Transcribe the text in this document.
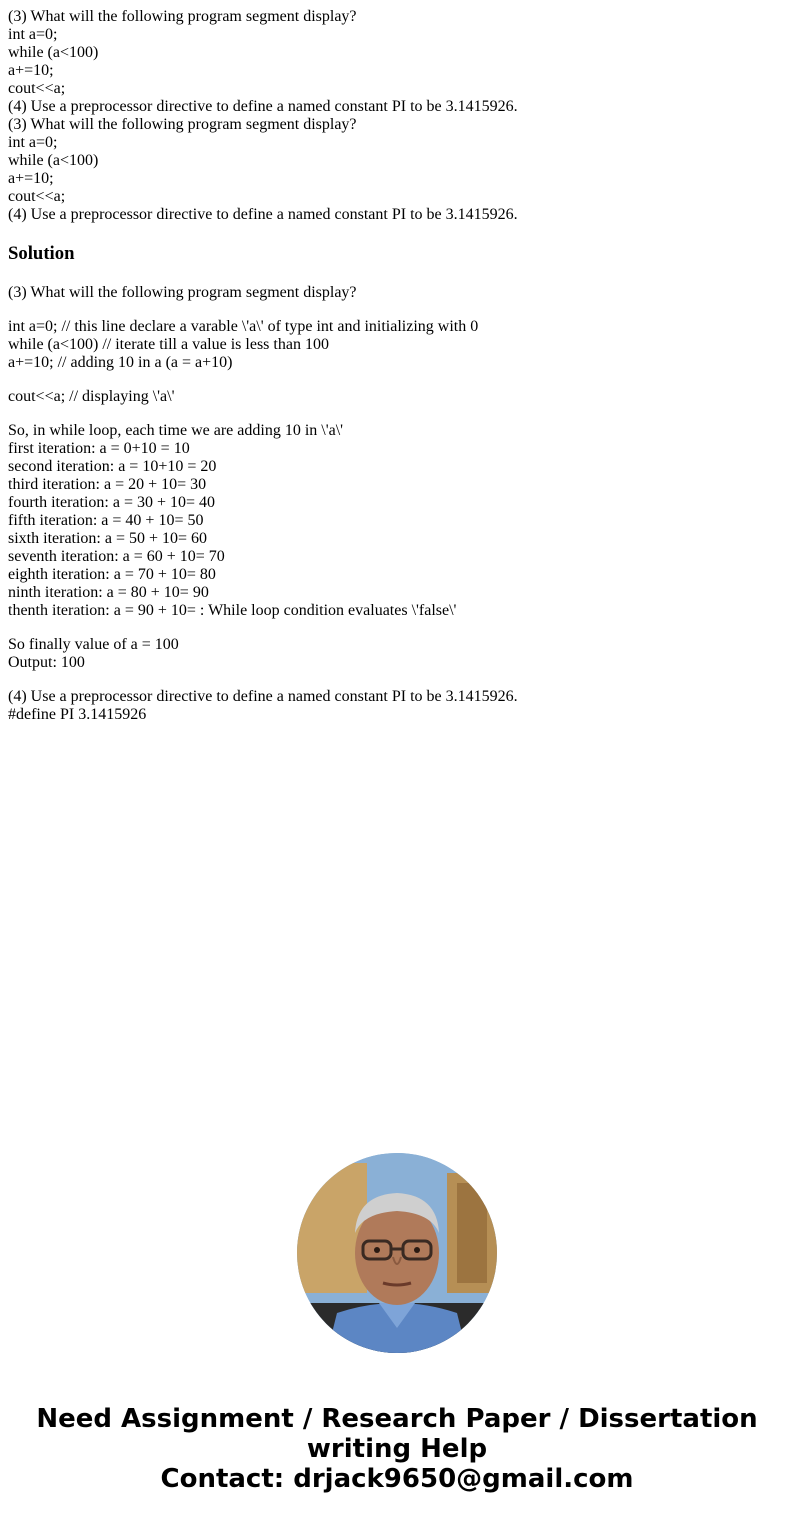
(3) What will the following program segment display?
int a=0;
while (a<100)
a+=10;
cout<<a;
(4) Use a preprocessor directive to define a named constant PI to be 3.1415926.
(3) What will the following program segment display?
int a=0;
while (a<100)
a+=10;
cout<<a;
(4) Use a preprocessor directive to define a named constant PI to be 3.1415926.
Solution
(3) What will the following program segment display?
int a=0; // this line declare a varable \'a\' of type int and initializing with 0
while (a<100) // iterate till a value is less than 100
a+=10; // adding 10 in a (a = a+10)
cout<<a; // displaying \'a\'
So, in while loop, each time we are adding 10 in \'a\'
first iteration: a = 0+10 = 10
second iteration: a = 10+10 = 20
third iteration: a = 20 + 10= 30
fourth iteration: a = 30 + 10= 40
fifth iteration: a = 40 + 10= 50
sixth iteration: a = 50 + 10= 60
seventh iteration: a = 60 + 10= 70
eighth iteration: a = 70 + 10= 80
ninth iteration: a = 80 + 10= 90
thenth iteration: a = 90 + 10= : While loop condition evaluates \'false\'
So finally value of a = 100
Output: 100
(4) Use a preprocessor directive to define a named constant PI to be 3.1415926.
#define PI 3.1415926
Need Assignment / Research Paper / Dissertation
writing Help
Contact: drjack9650@gmail.com
